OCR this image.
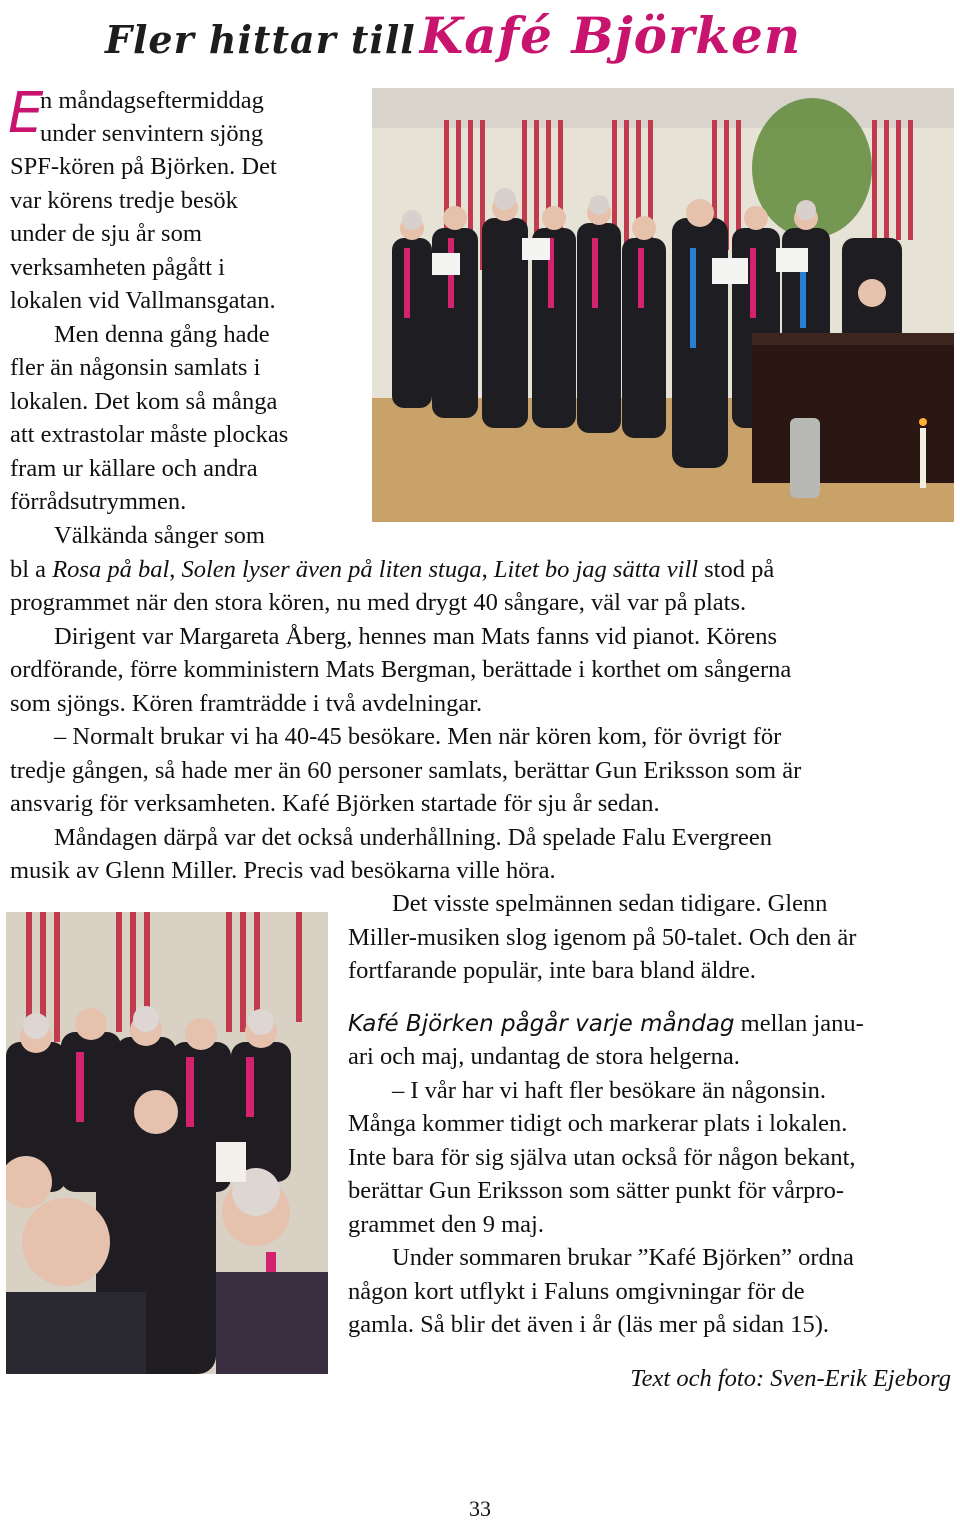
Fler hittar till Kafé Björken
E
n måndagseftermiddag
under senvintern sjöng
SPF-kören på Björken. Det
var körens tredje besök
under de sju år som
verksamheten pågått i
lokalen vid Vallmansgatan.
Men denna gång hade
fler än någonsin samlats i
lokalen. Det kom så många
att extrastolar måste plockas
fram ur källare och andra
förrådsutrymmen.
Välkända sånger som
bl a Rosa på bal, Solen lyser även på liten stuga, Litet bo jag sätta vill stod på
programmet när den stora kören, nu med drygt 40 sångare, väl var på plats.
Dirigent var Margareta Åberg, hennes man Mats fanns vid pianot. Körens
ordförande, förre komministern Mats Bergman, berättade i korthet om sångerna
som sjöngs. Kören framträdde i två avdelningar.
– Normalt brukar vi ha 40-45 besökare. Men när kören kom, för övrigt för
tredje gången, så hade mer än 60 personer samlats, berättar Gun Eriksson som är
ansvarig för verksamheten. Kafé Björken startade för sju år sedan.
Måndagen därpå var det också underhållning. Då spelade Falu Evergreen
musik av Glenn Miller. Precis vad besökarna ville höra.
Det visste spelmännen sedan tidigare. Glenn
Miller-musiken slog igenom på 50-talet. Och den är
fortfarande populär, inte bara bland äldre.
Kafé Björken pågår varje måndag mellan janu-
ari och maj, undantag de stora helgerna.
– I vår har vi haft fler besökare än någonsin.
Många kommer tidigt och markerar plats i lokalen.
Inte bara för sig själva utan också för någon bekant,
berättar Gun Eriksson som sätter punkt för vårpro-
grammet den 9 maj.
Under sommaren brukar ”Kafé Björken” ordna
någon kort utflykt i Faluns omgivningar för de
gamla. Så blir det även i år (läs mer på sidan 15).
Text och foto: Sven-Erik Ejeborg
33
